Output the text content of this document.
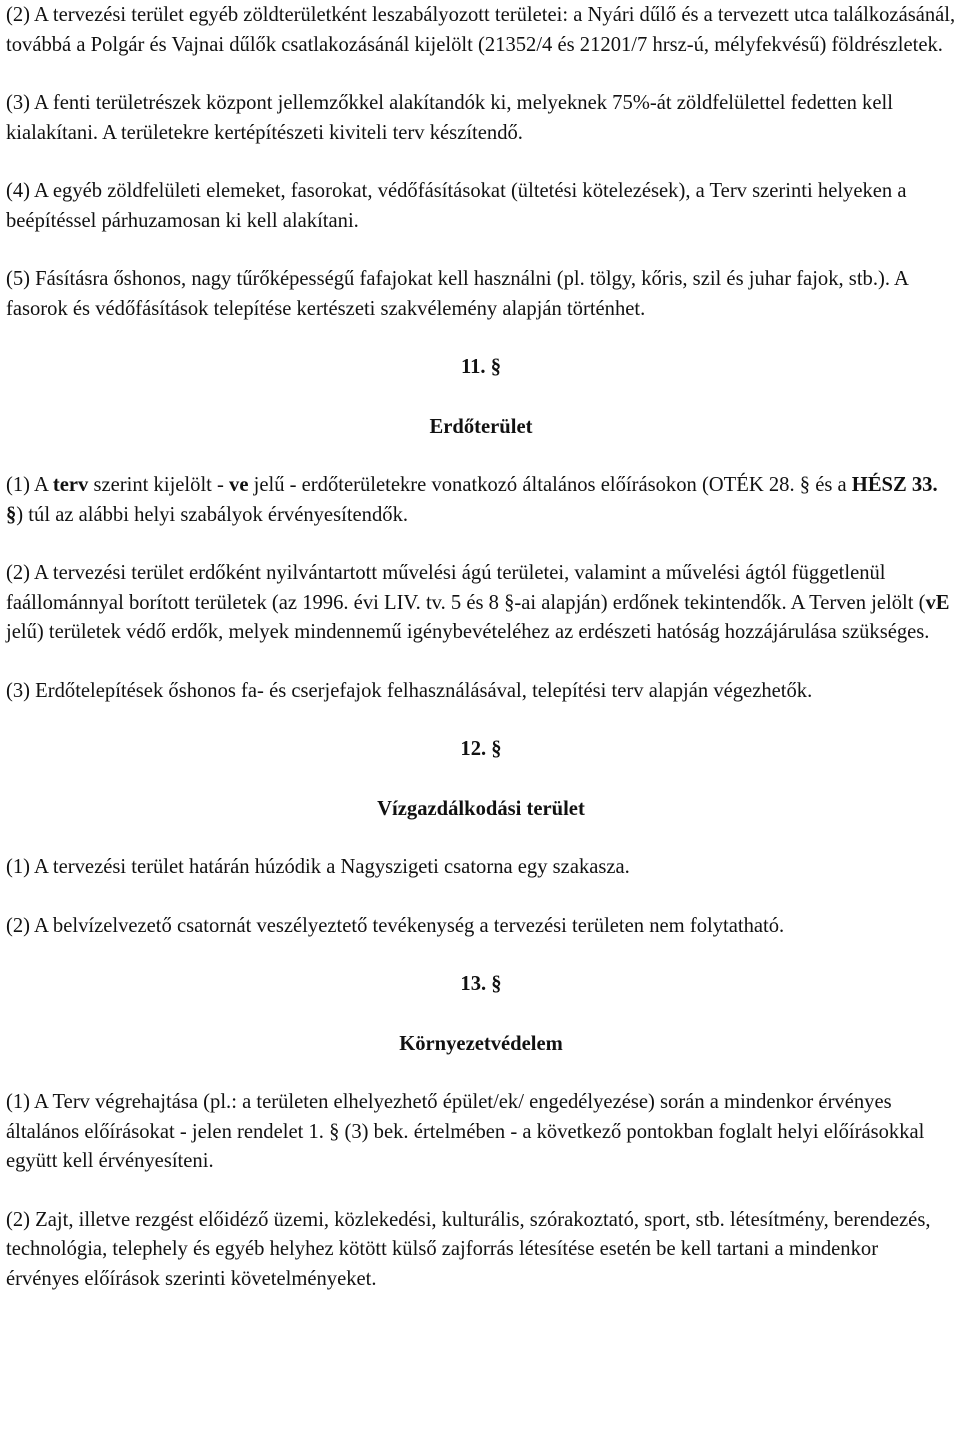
(2) A tervezési terület egyéb zöldterületként leszabályozott területei: a Nyári dűlő és a tervezett utca találkozásánál, továbbá a Polgár és Vajnai dűlők csatlakozásánál kijelölt (21352/4 és 21201/7 hrsz-ú, mélyfekvésű) földrészletek.

(3) A fenti területrészek központ jellemzőkkel alakítandók ki, melyeknek 75%-át zöldfelülettel fedetten kell kialakítani. A területekre kertépítészeti kiviteli terv készítendő.

(4) A egyéb zöldfelületi elemeket, fasorokat, védőfásításokat (ültetési kötelezések), a Terv szerinti helyeken a beépítéssel párhuzamosan ki kell alakítani.

(5) Fásításra őshonos, nagy tűrőképességű fafajokat kell használni (pl. tölgy, kőris, szil és juhar fajok, stb.). A fasorok és védőfásítások telepítése kertészeti szakvélemény alapján történhet.

11. §

Erdőterület

(1) A terv szerint kijelölt - ve jelű - erdőterületekre vonatkozó általános előírásokon (OTÉK 28. § és a HÉSZ 33. §) túl az alábbi helyi szabályok érvényesítendők.

(2) A tervezési terület erdőként nyilvántartott művelési ágú területei, valamint a művelési ágtól függetlenül faállománnyal borított területek (az 1996. évi LIV. tv. 5 és 8 §-ai alapján) erdőnek tekintendők. A Terven jelölt (vE jelű) területek védő erdők, melyek mindennemű igénybevételéhez az erdészeti hatóság hozzájárulása szükséges.

(3) Erdőtelepítések őshonos fa- és cserjefajok felhasználásával, telepítési terv alapján végezhetők.

12. §

Vízgazdálkodási terület

(1) A tervezési terület határán húzódik a Nagyszigeti csatorna egy szakasza.

(2) A belvízelvezető csatornát veszélyeztető tevékenység a tervezési területen nem folytatható.

13. §

Környezetvédelem

(1) A Terv végrehajtása (pl.: a területen elhelyezhető épület/ek/ engedélyezése) során a mindenkor érvényes általános előírásokat - jelen rendelet 1. § (3) bek. értelmében - a következő pontokban foglalt helyi előírásokkal együtt kell érvényesíteni.

(2) Zajt, illetve rezgést előidéző üzemi, közlekedési, kulturális, szórakoztató, sport, stb. létesítmény, berendezés, technológia, telephely és egyéb helyhez kötött külső zajforrás létesítése esetén be kell tartani a mindenkor érvényes előírások szerinti követelményeket.
